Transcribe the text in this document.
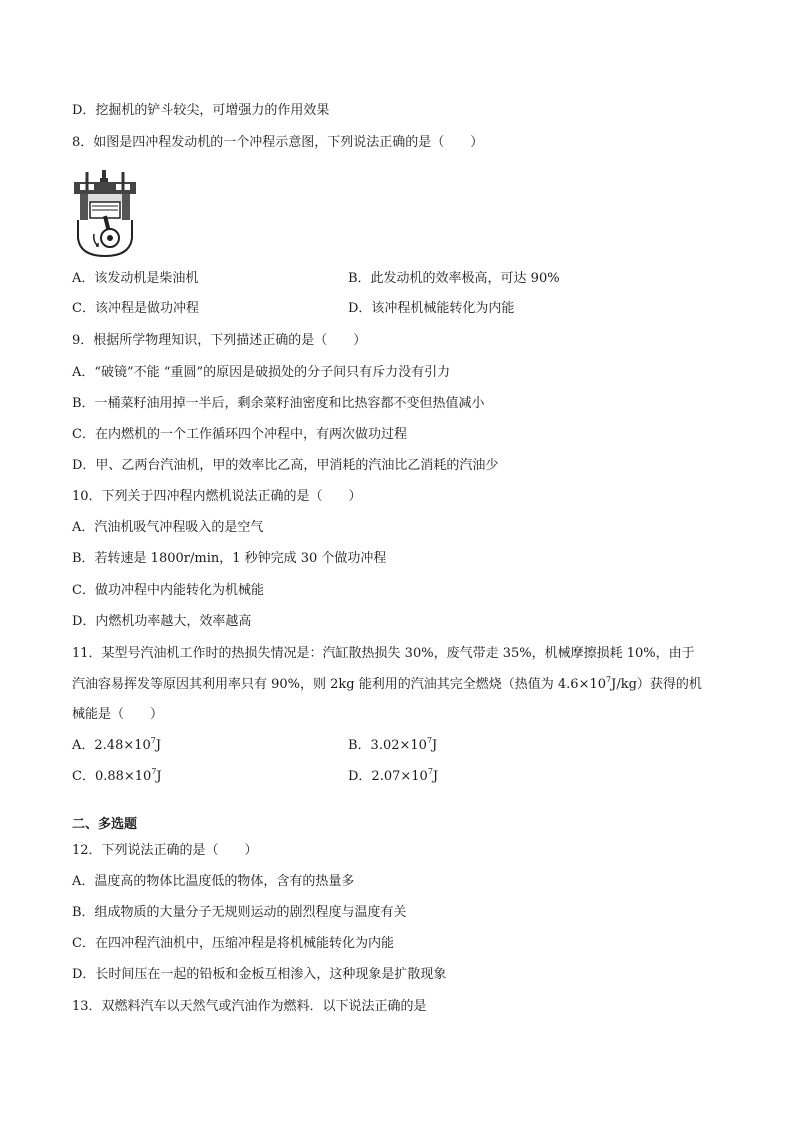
D．挖掘机的铲斗较尖，可增强力的作用效果
8．如图是四冲程发动机的一个冲程示意图，下列说法正确的是（　　）
A．该发动机是柴油机	B．此发动机的效率极高，可达 90%
C．该冲程是做功冲程	D．该冲程机械能转化为内能
9．根据所学物理知识，下列描述正确的是（　　）
A．“破镜”不能 “重圆”的原因是破损处的分子间只有斥力没有引力
B．一桶菜籽油用掉一半后，剩余菜籽油密度和比热容都不变但热值减小
C．在内燃机的一个工作循环四个冲程中，有两次做功过程
D．甲、乙两台汽油机，甲的效率比乙高，甲消耗的汽油比乙消耗的汽油少
10．下列关于四冲程内燃机说法正确的是（　　）
A．汽油机吸气冲程吸入的是空气
B．若转速是 1800r/min，1 秒钟完成 30 个做功冲程
C．做功冲程中内能转化为机械能
D．内燃机功率越大，效率越高
11．某型号汽油机工作时的热损失情况是：汽缸散热损失 30%，废气带走 35%，机械摩擦损耗 10%，由于
汽油容易挥发等原因其利用率只有 90%，则 2kg 能利用的汽油其完全燃烧（热值为 $4.6\times 10^7J/kg$）获得的机
械能是（　　）
A．$2.48\times 10^7J$	B．$3.02\times 10^7J$
C．$0.88\times 10^7J$	D．$2.07\times 10^7J$
二、多选题
12．下列说法正确的是（　　）
A．温度高的物体比温度低的物体，含有的热量多
B．组成物质的大量分子无规则运动的剧烈程度与温度有关
C．在四冲程汽油机中，压缩冲程是将机械能转化为内能
D．长时间压在一起的铅板和金板互相渗入，这种现象是扩散现象
13．双燃料汽车以天然气或汽油作为燃料．以下说法正确的是
